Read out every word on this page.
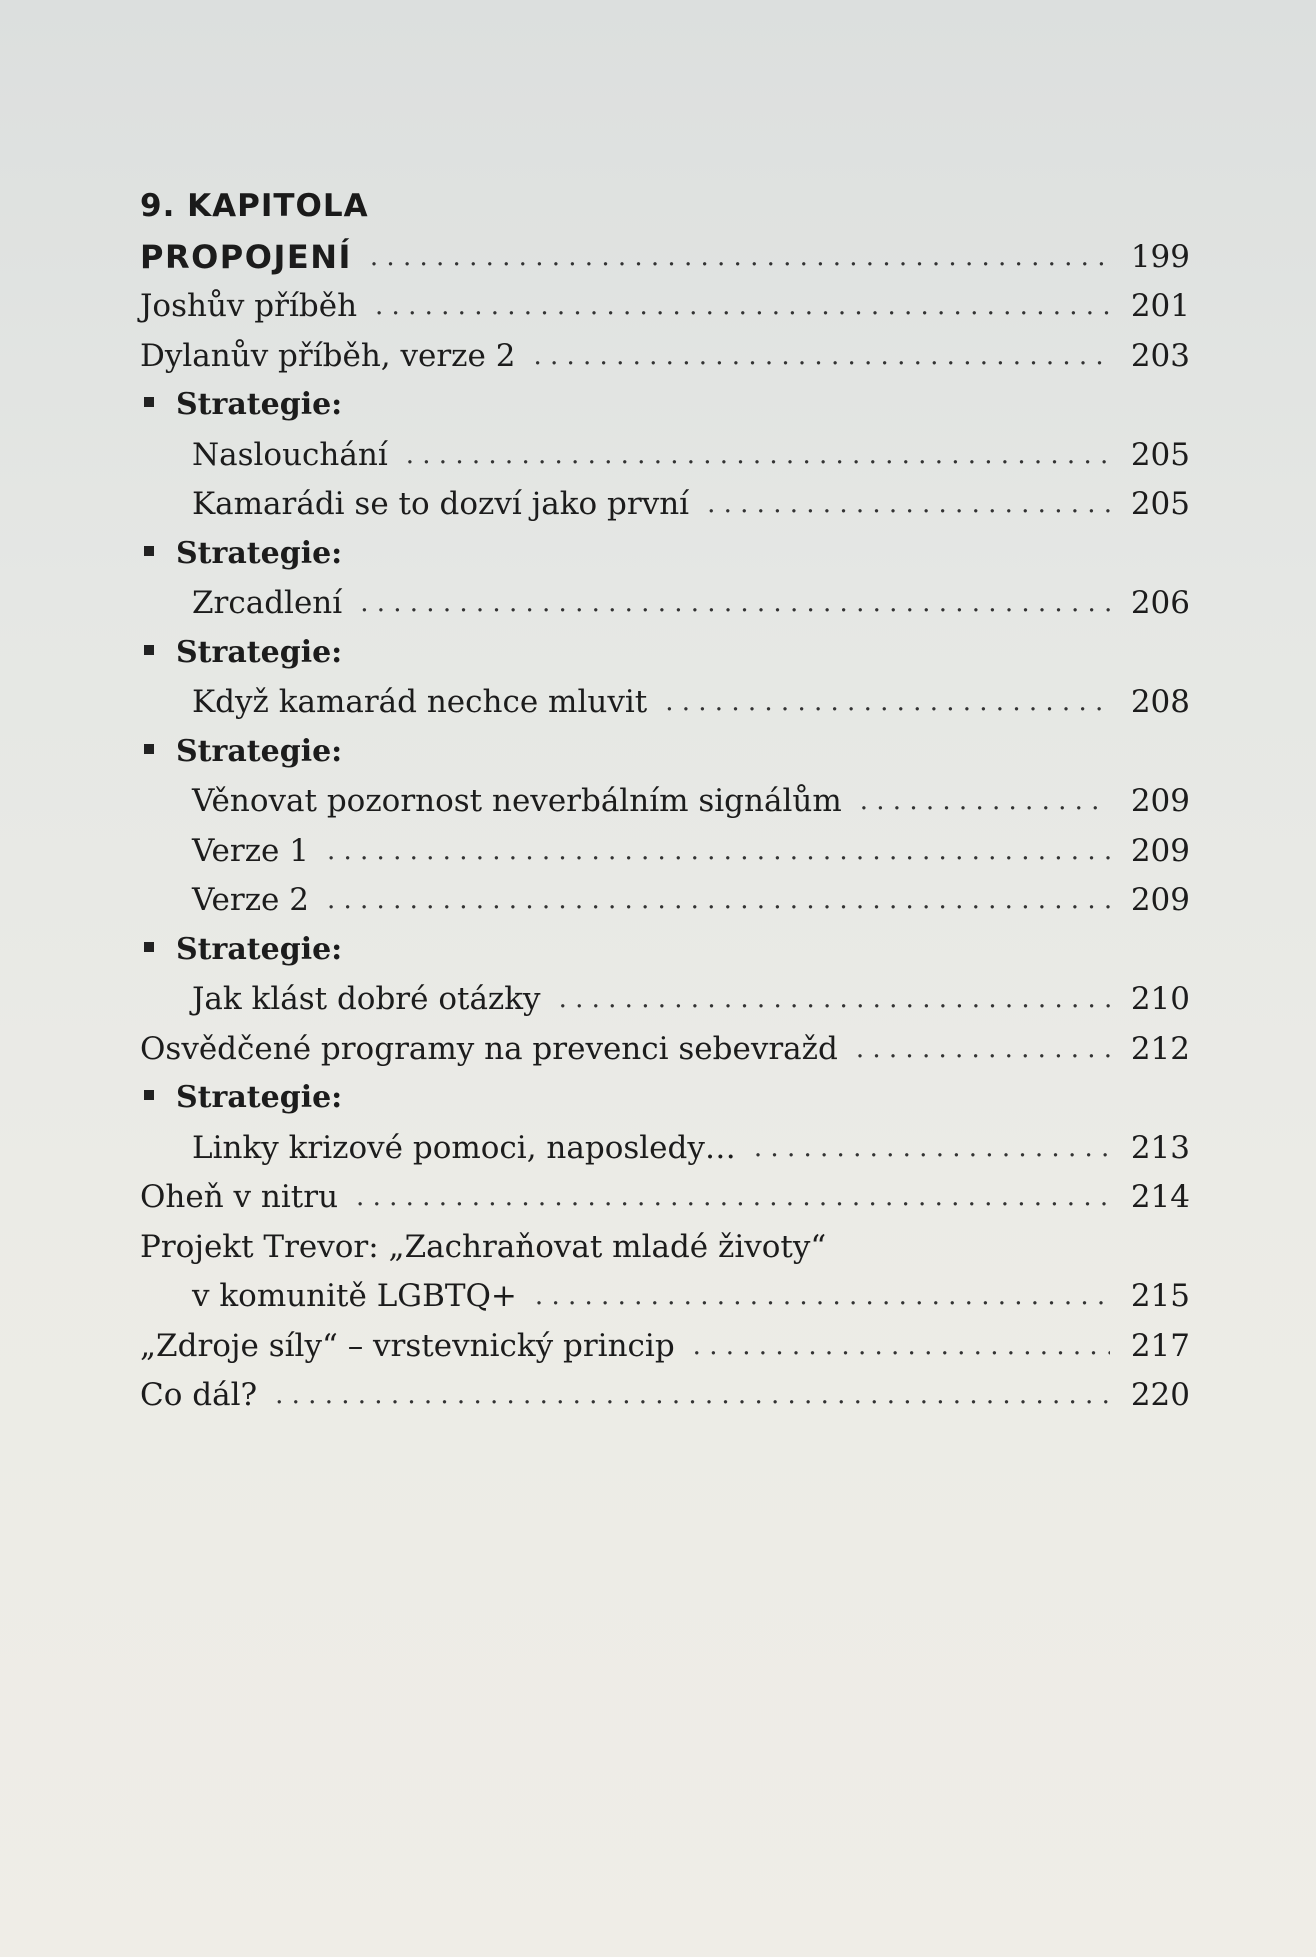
9. KAPITOLA
PROPOJENÍ . . .	199
Joshův příběh . . .	201
Dylanův příběh, verze 2 . . .	203
Strategie:
Naslouchání . . .	205
Kamarádi se to dozví jako první . . .	205
Strategie:
Zrcadlení . . .	206
Strategie:
Když kamarád nechce mluvit . . .	208
Strategie:
Věnovat pozornost neverbálním signálům . . .	209
Verze 1 . . .	209
Verze 2 . . .	209
Strategie:
Jak klást dobré otázky . . .	210
Osvědčené programy na prevenci sebevražd . . .	212
Strategie:
Linky krizové pomoci, naposledy… . . .	213
Oheň v nitru . . .	214
Projekt Trevor: „Zachraňovat mladé životy“
v komunitě LGBTQ+ . . .	215
„Zdroje síly“ – vrstevnický princip . . .	217
Co dál? . . .	220
